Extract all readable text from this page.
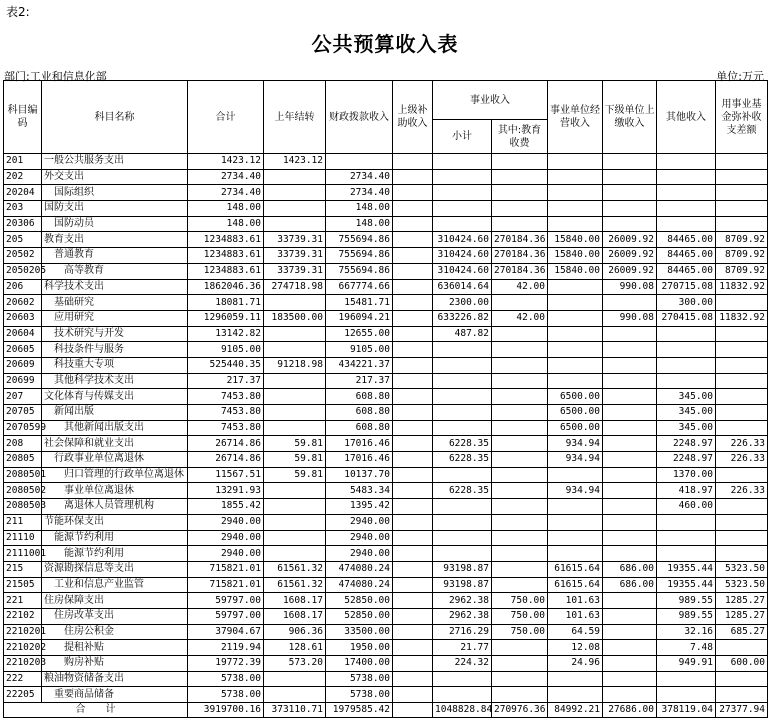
表2:
公共预算收入表
部门:工业和信息化部	单位:万元
科目编码	科目名称	合计	上年结转	财政拨款收入	上级补助收入	事业收入		事业单位经营收入	下级单位上缴收入	其他收入	用事业基金弥补收支差额
						小计	其中:教育收费				
201	一般公共服务支出	1423.12	1423.12								
202	外交支出	2734.40		2734.40							
20204	国际组织	2734.40		2734.40							
203	国防支出	148.00		148.00							
20306	国防动员	148.00		148.00							
205	教育支出	1234883.61	33739.31	755694.86		310424.60	270184.36	15840.00	26009.92	84465.00	8709.92
20502	普通教育	1234883.61	33739.31	755694.86		310424.60	270184.36	15840.00	26009.92	84465.00	8709.92
2050205	高等教育	1234883.61	33739.31	755694.86		310424.60	270184.36	15840.00	26009.92	84465.00	8709.92
206	科学技术支出	1862046.36	274718.98	667774.66		636014.64	42.00		990.08	270715.08	11832.92
20602	基础研究	18081.71		15481.71		2300.00				300.00	
20603	应用研究	1296059.11	183500.00	196094.21		633226.82	42.00		990.08	270415.08	11832.92
20604	技术研究与开发	13142.82		12655.00		487.82					
20605	科技条件与服务	9105.00		9105.00							
20609	科技重大专项	525440.35	91218.98	434221.37							
20699	其他科学技术支出	217.37		217.37							
207	文化体育与传媒支出	7453.80		608.80				6500.00		345.00	
20705	新闻出版	7453.80		608.80				6500.00		345.00	
2070599	其他新闻出版支出	7453.80		608.80				6500.00		345.00	
208	社会保障和就业支出	26714.86	59.81	17016.46		6228.35		934.94		2248.97	226.33
20805	行政事业单位离退休	26714.86	59.81	17016.46		6228.35		934.94		2248.97	226.33
2080501	归口管理的行政单位离退休	11567.51	59.81	10137.70						1370.00	
2080502	事业单位离退休	13291.93		5483.34		6228.35		934.94		418.97	226.33
2080503	离退休人员管理机构	1855.42		1395.42						460.00	
211	节能环保支出	2940.00		2940.00							
21110	能源节约利用	2940.00		2940.00							
2111001	能源节约利用	2940.00		2940.00							
215	资源勘探信息等支出	715821.01	61561.32	474080.24		93198.87		61615.64	686.00	19355.44	5323.50
21505	工业和信息产业监管	715821.01	61561.32	474080.24		93198.87		61615.64	686.00	19355.44	5323.50
221	住房保障支出	59797.00	1608.17	52850.00		2962.38	750.00	101.63		989.55	1285.27
22102	住房改革支出	59797.00	1608.17	52850.00		2962.38	750.00	101.63		989.55	1285.27
2210201	住房公积金	37904.67	906.36	33500.00		2716.29	750.00	64.59		32.16	685.27
2210202	提租补贴	2119.94	128.61	1950.00		21.77		12.08		7.48	
2210203	购房补贴	19772.39	573.20	17400.00		224.32		24.96		949.91	600.00
222	粮油物资储备支出	5738.00		5738.00							
22205	重要商品储备	5738.00		5738.00							
合　　计		3919700.16	373110.71	1979585.42		1048828.84	270976.36	84992.21	27686.00	378119.04	27377.94
